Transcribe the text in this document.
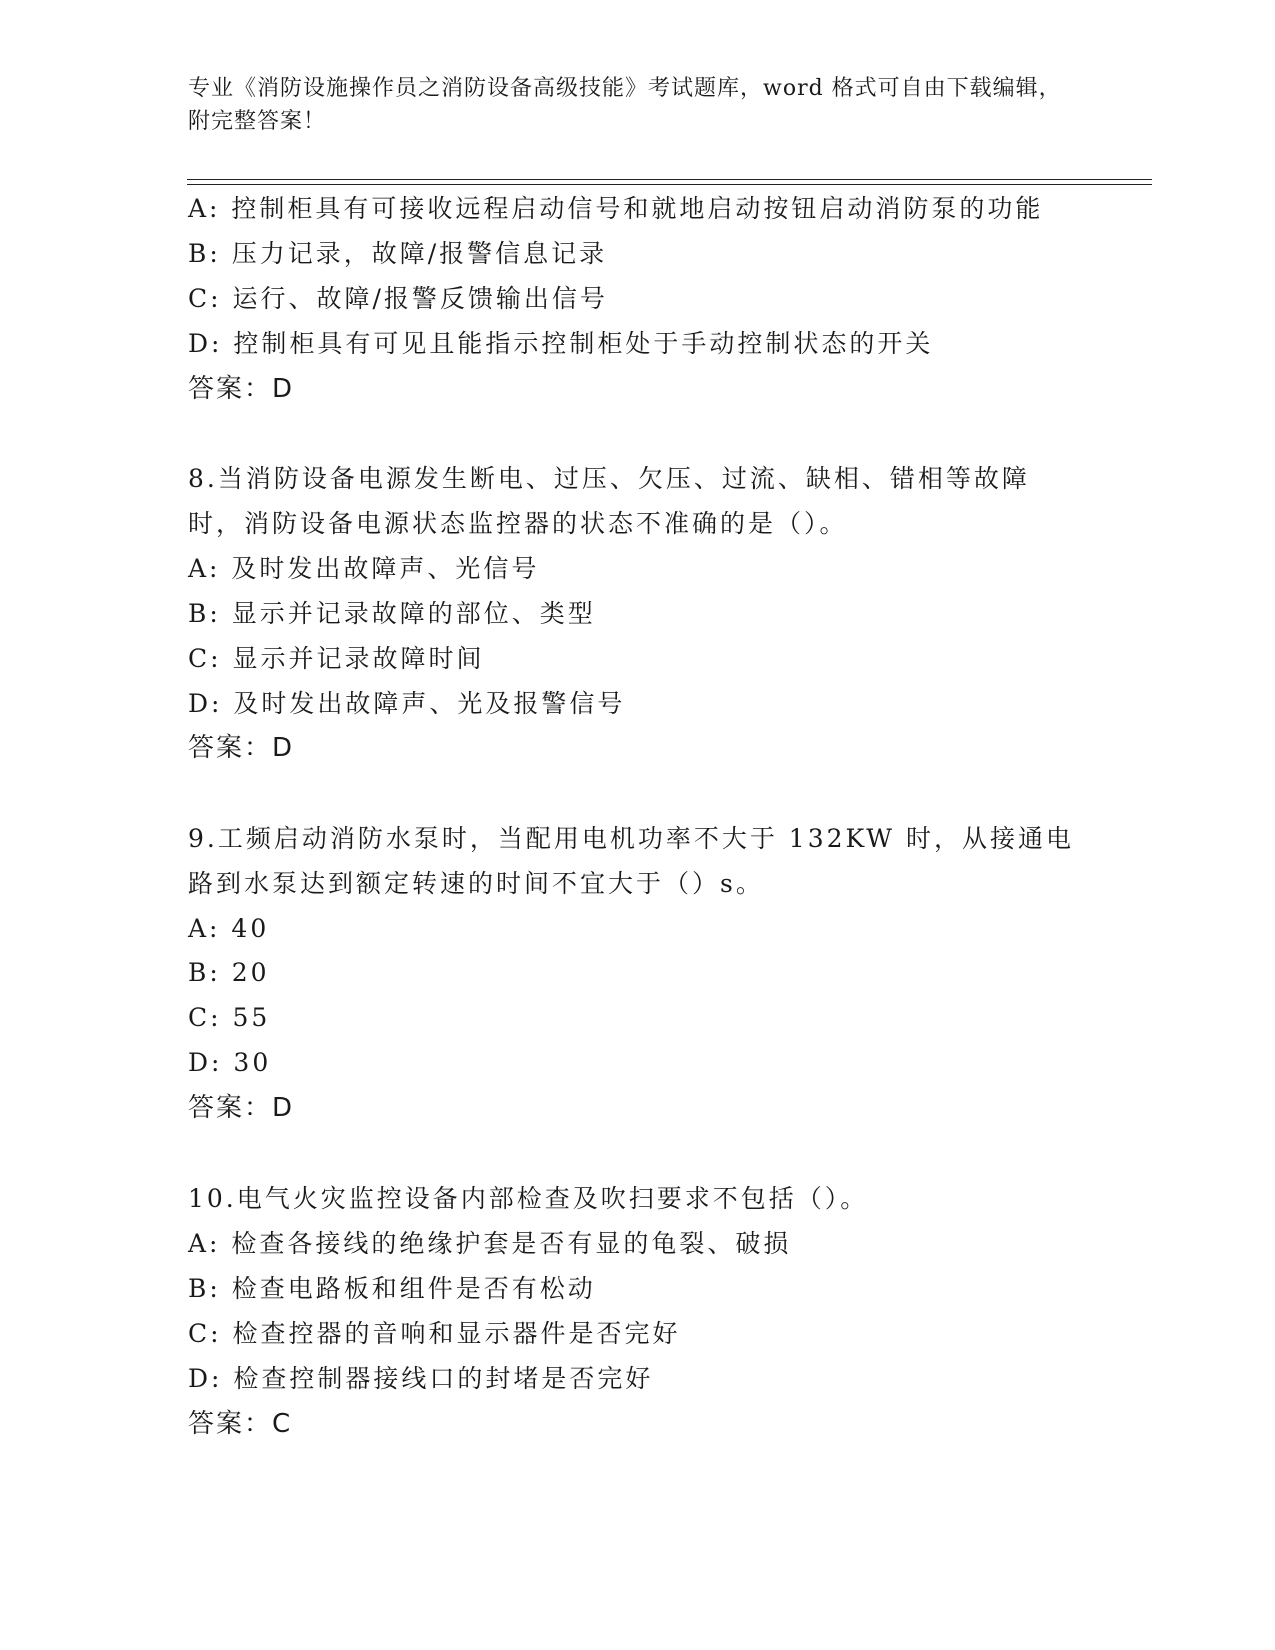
专业《消防设施操作员之消防设备高级技能》考试题库，word 格式可自由下载编辑，附完整答案！
A: 控制柜具有可接收远程启动信号和就地启动按钮启动消防泵的功能
B: 压力记录，故障/报警信息记录
C: 运行、故障/报警反馈输出信号
D: 控制柜具有可见且能指示控制柜处于手动控制状态的开关
答案：D
8.当消防设备电源发生断电、过压、欠压、过流、缺相、错相等故障
时，消防设备电源状态监控器的状态不准确的是（）。
A: 及时发出故障声、光信号
B: 显示并记录故障的部位、类型
C: 显示并记录故障时间
D: 及时发出故障声、光及报警信号
答案：D
9.工频启动消防水泵时，当配用电机功率不大于 132KW 时，从接通电
路到水泵达到额定转速的时间不宜大于（）s。
A: 40
B: 20
C: 55
D: 30
答案：D
10.电气火灾监控设备内部检查及吹扫要求不包括（）。
A: 检查各接线的绝缘护套是否有显的龟裂、破损
B: 检查电路板和组件是否有松动
C: 检查控器的音响和显示器件是否完好
D: 检查控制器接线口的封堵是否完好
答案：C
